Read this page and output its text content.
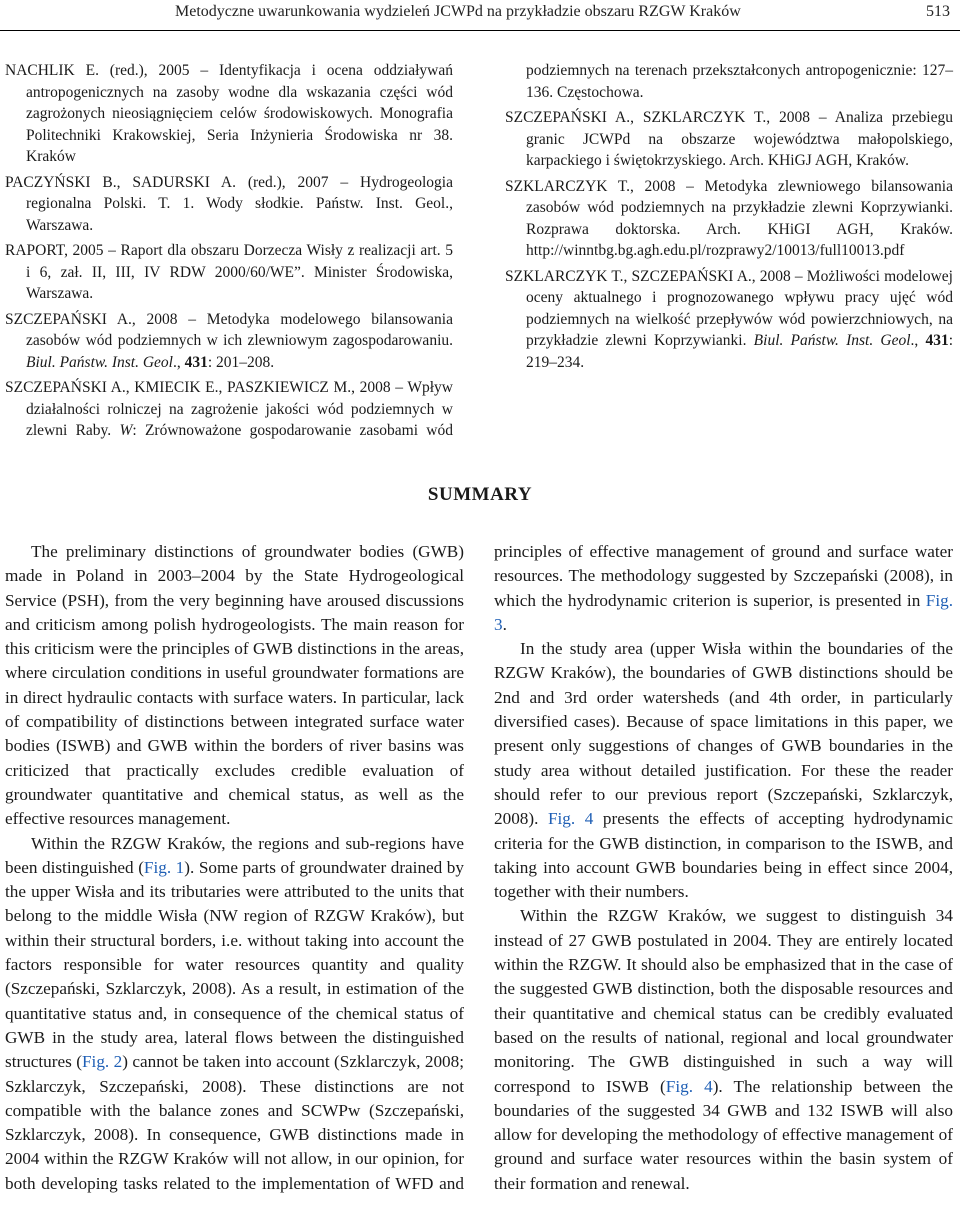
Metodyczne uwarunkowania wydzieleń JCWPd na przykładzie obszaru RZGW Kraków	513

NACHLIK E. (red.), 2005 – Identyfikacja i ocena oddziaływań antropogenicznych na zasoby wodne dla wskazania części wód zagrożonych nieosiągnięciem celów środowiskowych. Monografia Politechniki Krakowskiej, Seria Inżynieria Środowiska nr 38. Kraków

PACZYŃSKI B., SADURSKI A. (red.), 2007 – Hydrogeologia regionalna Polski. T. 1. Wody słodkie. Państw. Inst. Geol., Warszawa.

RAPORT, 2005 – Raport dla obszaru Dorzecza Wisły z realizacji art. 5 i 6, zał. II, III, IV RDW 2000/60/WE”. Minister Środowiska, Warszawa.

SZCZEPAŃSKI A., 2008 – Metodyka modelowego bilansowania zasobów wód podziemnych w ich zlewniowym zagospodarowaniu. Biul. Państw. Inst. Geol., 431: 201–208.

SZCZEPAŃSKI A., KMIECIK E., PASZKIEWICZ M., 2008 – Wpływ działalności rolniczej na zagrożenie jakości wód podziemnych w zlewni Raby. W: Zrównoważone gospodarowanie zasobami wód podziemnych na terenach przekształconych antropogenicznie: 127–136. Częstochowa.

SZCZEPAŃSKI A., SZKLARCZYK T., 2008 – Analiza przebiegu granic JCWPd na obszarze województwa małopolskiego, karpackiego i świętokrzyskiego. Arch. KHiGJ AGH, Kraków.

SZKLARCZYK T., 2008 – Metodyka zlewniowego bilansowania zasobów wód podziemnych na przykładzie zlewni Koprzywianki. Rozprawa doktorska. Arch. KHiGI AGH, Kraków. http://winntbg.bg.agh.edu.pl/rozprawy2/10013/full10013.pdf

SZKLARCZYK T., SZCZEPAŃSKI A., 2008 – Możliwości modelowej oceny aktualnego i prognozowanego wpływu pracy ujęć wód podziemnych na wielkość przepływów wód powierzchniowych, na przykładzie zlewni Koprzywianki. Biul. Państw. Inst. Geol., 431: 219–234.

SUMMARY

The preliminary distinctions of groundwater bodies (GWB) made in Poland in 2003–2004 by the State Hydrogeological Service (PSH), from the very beginning have aroused discussions and criticism among polish hydrogeologists. The main reason for this criticism were the principles of GWB distinctions in the areas, where circulation conditions in useful groundwater formations are in direct hydraulic contacts with surface waters. In particular, lack of compatibility of distinctions between integrated surface water bodies (ISWB) and GWB within the borders of river basins was criticized that practically excludes credible evaluation of groundwater quantitative and chemical status, as well as the effective resources management.

Within the RZGW Kraków, the regions and sub-regions have been distinguished (Fig. 1). Some parts of groundwater drained by the upper Wisła and its tributaries were attributed to the units that belong to the middle Wisła (NW region of RZGW Kraków), but within their structural borders, i.e. without taking into account the factors responsible for water resources quantity and quality (Szczepański, Szklarczyk, 2008). As a result, in estimation of the quantitative status and, in consequence of the chemical status of GWB in the study area, lateral flows between the distinguished structures (Fig. 2) cannot be taken into account (Szklarczyk, 2008; Szklarczyk, Szczepański, 2008). These distinctions are not compatible with the balance zones and SCWPw (Szczepański, Szklarczyk, 2008). In consequence, GWB distinctions made in 2004 within the RZGW Kraków will not allow, in our opinion, for both developing tasks related to the implementation of WFD and principles of effective management of ground and surface water resources. The methodology suggested by Szczepański (2008), in which the hydrodynamic criterion is superior, is presented in Fig. 3.

In the study area (upper Wisła within the boundaries of the RZGW Kraków), the boundaries of GWB distinctions should be 2nd and 3rd order watersheds (and 4th order, in particularly diversified cases). Because of space limitations in this paper, we present only suggestions of changes of GWB boundaries in the study area without detailed justification. For these the reader should refer to our previous report (Szczepański, Szklarczyk, 2008). Fig. 4 presents the effects of accepting hydrodynamic criteria for the GWB distinction, in comparison to the ISWB, and taking into account GWB boundaries being in effect since 2004, together with their numbers.

Within the RZGW Kraków, we suggest to distinguish 34 instead of 27 GWB postulated in 2004. They are entirely located within the RZGW. It should also be emphasized that in the case of the suggested GWB distinction, both the disposable resources and their quantitative and chemical status can be credibly evaluated based on the results of national, regional and local groundwater monitoring. The GWB distinguished in such a way will correspond to ISWB (Fig. 4). The relationship between the boundaries of the suggested 34 GWB and 132 ISWB will also allow for developing the methodology of effective management of ground and surface water resources within the basin system of their formation and renewal.
